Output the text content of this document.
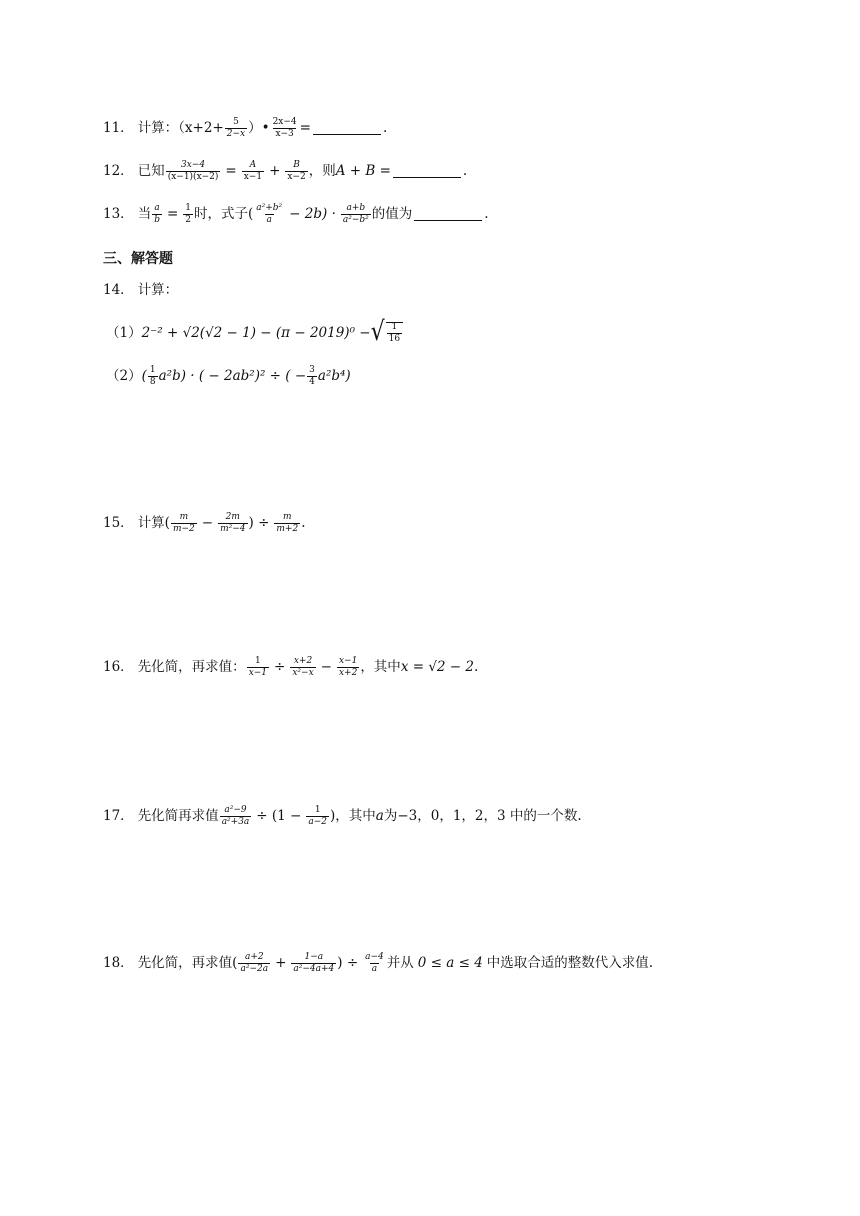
11． 计算：（$x+2+ \frac{5}{2-x}$ ）• $\frac{2x-4}{x-3}$ =	.
12． 已知 $\frac{3x-4}{(x-1)(x-2)} = \frac{A}{x-1} + \frac{B}{x-2}$ ，则 A + B =	.
13． 当 $\frac{a}{b} = \frac{1}{2}$ 时，式子( $\frac{\text{a²+b²}}{a} - 2b) \cdot \frac{a+b}{\text{a²−b²}}$ 的值为	.
三、解答题
14． 计算：
（1） 2⁻² + √2(√2 − 1) − (π − 2019)⁰ − √ $\frac{1}{16}$
（2） ( $\frac{1}{8} a^2b$) · ( − 2ab²)² ÷ ( − $\frac{3}{4} a^2b^4$)
15． 计算( $\frac{m}{m-2} - \frac{2m}{\text{m²−4}}$ ) ÷ $\frac{m}{m+2}$ .
16． 先化简，再求值： $\frac{1}{x-1} \div \frac{x+2}{\text{x²−x}} - \frac{x-1}{x+2}$ ，其中 x = √2 − 2 .
17． 先化简再求值 $\frac{\text{a²−9}}{\text{a²+3a}} \div (1 - \frac{1}{a-2}$ )，其中 a 为−3，0，1，2，3 中的一个数.
18． 先化简，再求值( $\frac{a+2}{\text{a²−2a}} + \frac{1-a}{\text{a²−4a+4}}$ ) ÷ $\frac{a-4}{a}$ 并从 0 ≤ a ≤ 4 中选取合适的整数代入求值.
